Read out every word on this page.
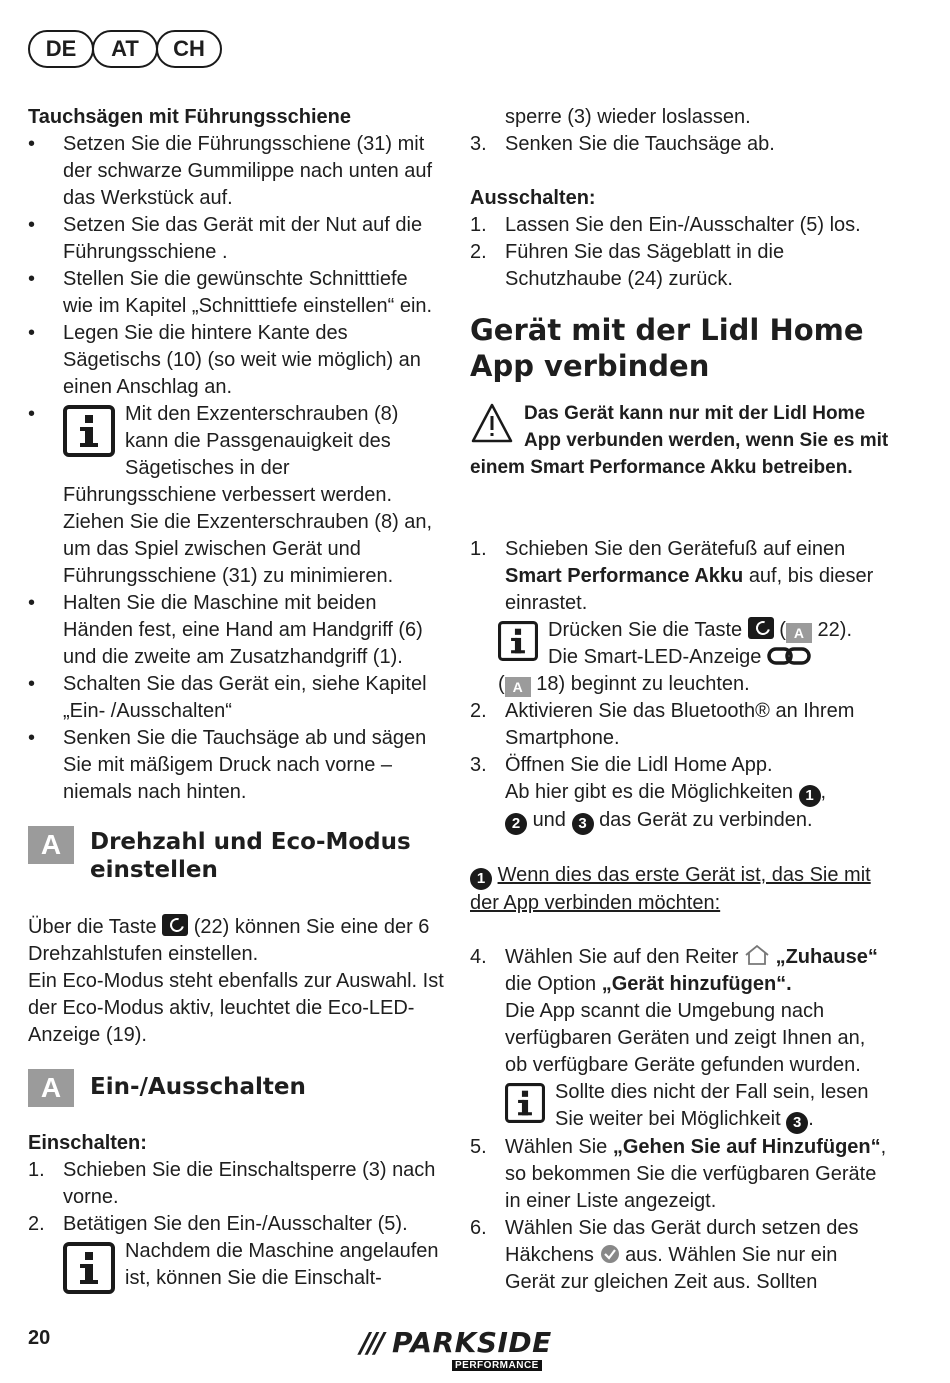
DE	AT	CH

Tauchsägen mit Führungsschiene

• Setzen Sie die Führungsschiene (31) mit der schwarze Gummilippe nach unten auf das Werkstück auf.
• Setzen Sie das Gerät mit der Nut auf die Führungsschiene .
• Stellen Sie die gewünschte Schnitttiefe wie im Kapitel „Schnitttiefe einstellen“ ein.
• Legen Sie die hintere Kante des Sägetischs (10) (so weit wie möglich) an einen Anschlag an.
•	Mit den Exzenterschrauben (8) kann die Passgenauigkeit des Sägetisches in der Führungsschiene verbessert werden.
Ziehen Sie die Exzenterschrauben (8) an, um das Spiel zwischen Gerät und Führungsschiene (31) zu minimieren.
• Halten Sie die Maschine mit beiden Händen fest, eine Hand am Handgriff (6) und die zweite am Zusatzhandgriff (1).
• Schalten Sie das Gerät ein, siehe Kapitel „Ein- /Ausschalten“
• Senken Sie die Tauchsäge ab und sägen Sie mit mäßigem Druck nach vorne – niemals nach hinten.
A Drehzahl und Eco-Modus
einstellen

Über die Taste (22) können Sie eine der 6 Drehzahlstufen einstellen.

Ein Eco-Modus steht ebenfalls zur Auswahl. Ist der Eco-Modus aktiv, leuchtet die Eco-LED-Anzeige (19).

A Ein-/Ausschalten

Einschalten:

1. Schieben Sie die Einschaltsperre (3) nach vorne.
2. Betätigen Sie den Ein-/Ausschalter (5).
Nachdem die Maschine angelaufen ist, können Sie die Einschalt-

sperre (3) wieder loslassen.

3. Senken Sie die Tauchsäge ab.

Ausschalten:

1. Lassen Sie den Ein-/Ausschalter (5) los.
2. Führen Sie das Sägeblatt in die Schutzhaube (24) zurück.
Gerät mit der Lidl Home
App verbinden
Das Gerät kann nur mit der Lidl Home App verbunden werden, wenn Sie es mit einem Smart Performance Akku betreiben.
1. Schieben Sie den Gerätefuß auf einen Smart Performance Akku auf, bis dieser einrastet.
Drücken Sie die Taste  ( A 22).
Die Smart-LED-Anzeige
( A 18) beginnt zu leuchten.
2. Aktivieren Sie das Bluetooth® an Ihrem Smartphone.
3. Öffnen Sie die Lidl Home App.
Ab hier gibt es die Möglichkeiten 1 ,
2 und 3 das Gerät zu verbinden.

1 Wenn dies das erste Gerät ist, das Sie mit der App verbinden möchten:

4. Wählen Sie auf den Reiter „Zuhause“ die Option „Gerät hinzufügen“.
Die App scannt die Umgebung nach verfügbaren Geräten und zeigt Ihnen an, ob verfügbare Geräte gefunden wurden.
Sollte dies nicht der Fall sein, lesen Sie weiter bei Möglichkeit 3 .
5. Wählen Sie „Gehen Sie auf Hinzufügen“, so bekommen Sie die verfügbaren Geräte in einer Liste angezeigt.
6. Wählen Sie das Gerät durch setzen des Häkchens aus. Wählen Sie nur ein Gerät zur gleichen Zeit aus. Sollten
20	/// PARKSIDE
PERFORMANCE
